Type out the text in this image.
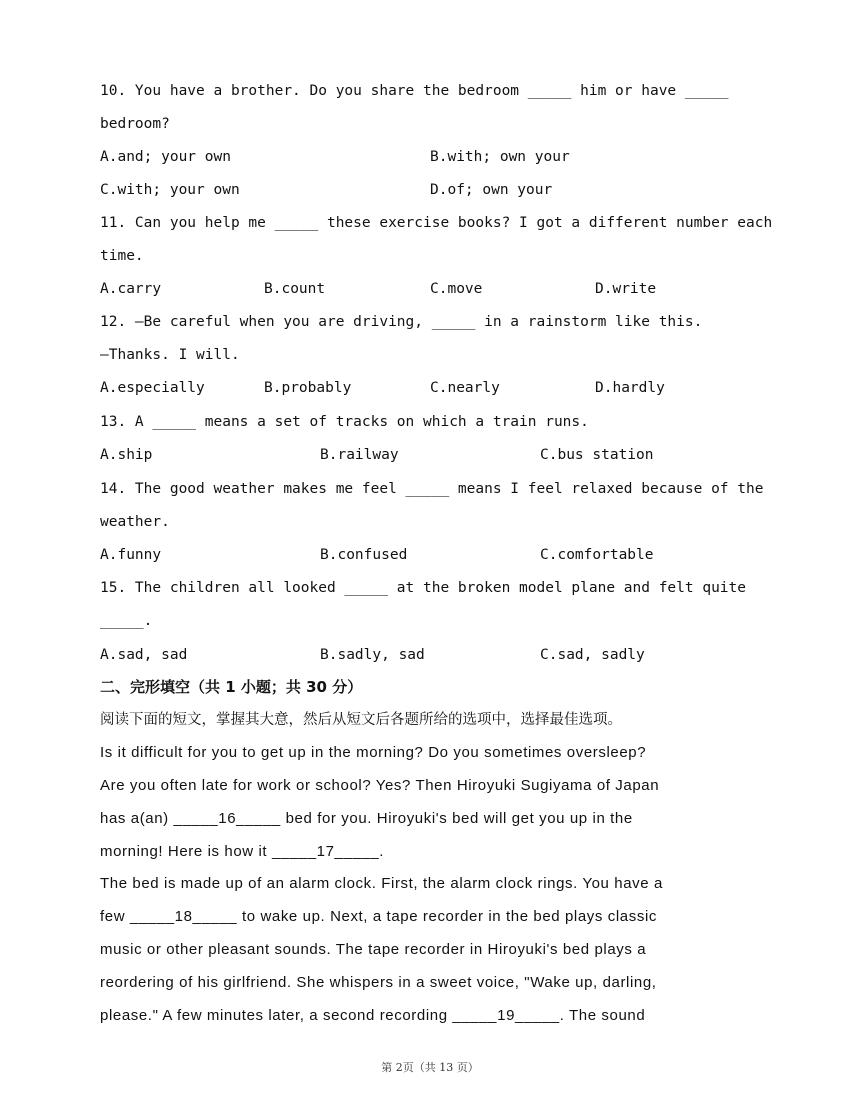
10. You have a brother. Do you share the bedroom _____ him or have _____
bedroom?
A.and; your own	B.with; own your
C.with; your own	D.of; own your
11. Can you help me _____ these exercise books? I got a different number each
time.
A.carry	B.count	C.move	D.write
12. —Be careful when you are driving, _____ in a rainstorm like this.
—Thanks. I will.
A.especially	B.probably	C.nearly	D.hardly
13. A _____ means a set of tracks on which a train runs.
A.ship	B.railway	C.bus station
14. The good weather makes me feel _____ means I feel relaxed because of the
weather.
A.funny	B.confused	C.comfortable
15. The children all looked _____ at the broken model plane and felt quite
_____.
A.sad, sad	B.sadly, sad	C.sad, sadly
二、完形填空（共 1 小题；共 30 分）
阅读下面的短文，掌握其大意，然后从短文后各题所给的选项中，选择最佳选项。
Is it difficult for you to get up in the morning? Do you sometimes oversleep?
Are you often late for work or school? Yes? Then Hiroyuki Sugiyama of Japan
has a(an) _____16_____ bed for you. Hiroyuki's bed will get you up in the
morning! Here is how it _____17_____.
The bed is made up of an alarm clock. First, the alarm clock rings. You have a
few _____18_____ to wake up. Next, a tape recorder in the bed plays classic
music or other pleasant sounds. The tape recorder in Hiroyuki's bed plays a
reordering of his girlfriend. She whispers in a sweet voice, "Wake up, darling,
please." A few minutes later, a second recording _____19_____. The sound
第 2页（共 13 页）
